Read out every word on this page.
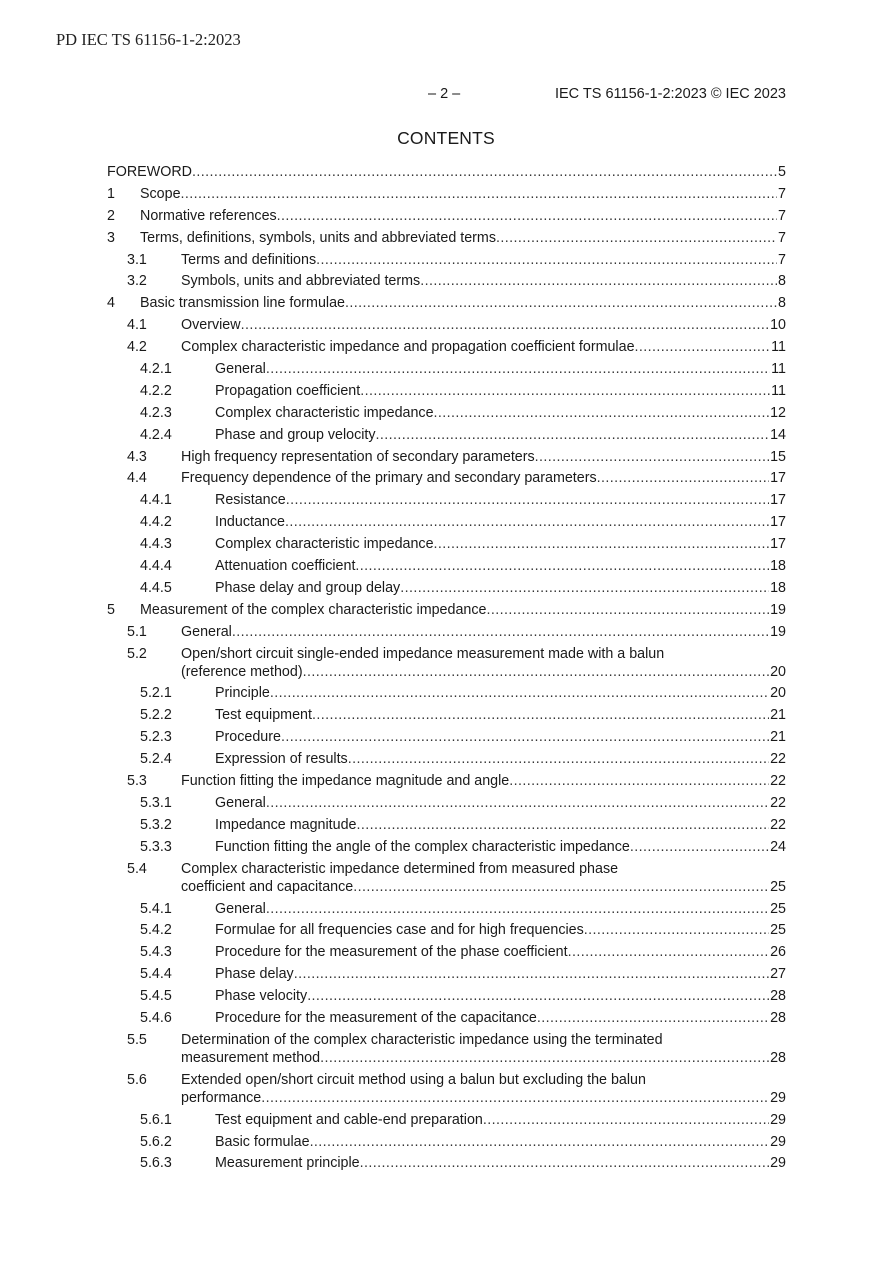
PD IEC TS 61156-1-2:2023
– 2 –	IEC TS 61156-1-2:2023 © IEC 2023
CONTENTS
FOREWORD .....	5
1 Scope .....	7
2 Normative references .....	7
3 Terms, definitions, symbols, units and abbreviated terms .....	7
3.1 Terms and definitions .....	7
3.2 Symbols, units and abbreviated terms .....	8
4 Basic transmission line formulae .....	8
4.1 Overview .....	10
4.2 Complex characteristic impedance and propagation coefficient formulae .....	11
4.2.1	General .....	11
4.2.2	Propagation coefficient .....	11
4.2.3	Complex characteristic impedance .....	12
4.2.4	Phase and group velocity .....	14
4.3 High frequency representation of secondary parameters .....	15
4.4 Frequency dependence of the primary and secondary parameters .....	17
4.4.1	Resistance .....	17
4.4.2	Inductance .....	17
4.4.3	Complex characteristic impedance .....	17
4.4.4	Attenuation coefficient .....	18
4.4.5	Phase delay and group delay .....	18
5 Measurement of the complex characteristic impedance .....	19
5.1 General .....	19
5.2 Open/short circuit single-ended impedance measurement made with a balun
(reference method) .....	20
5.2.1	Principle .....	20
5.2.2	Test equipment .....	21
5.2.3	Procedure .....	21
5.2.4	Expression of results .....	22
5.3 Function fitting the impedance magnitude and angle .....	22
5.3.1	General .....	22
5.3.2	Impedance magnitude .....	22
5.3.3	Function fitting the angle of the complex characteristic impedance .....	24
5.4 Complex characteristic impedance determined from measured phase
coefficient and capacitance .....	25
5.4.1	General .....	25
5.4.2	Formulae for all frequencies case and for high frequencies .....	25
5.4.3	Procedure for the measurement of the phase coefficient .....	26
5.4.4	Phase delay .....	27
5.4.5	Phase velocity .....	28
5.4.6	Procedure for the measurement of the capacitance .....	28
5.5 Determination of the complex characteristic impedance using the terminated
measurement method .....	28
5.6 Extended open/short circuit method using a balun but excluding the balun
performance .....	29
5.6.1	Test equipment and cable-end preparation .....	29
5.6.2	Basic formulae .....	29
5.6.3	Measurement principle .....	29
